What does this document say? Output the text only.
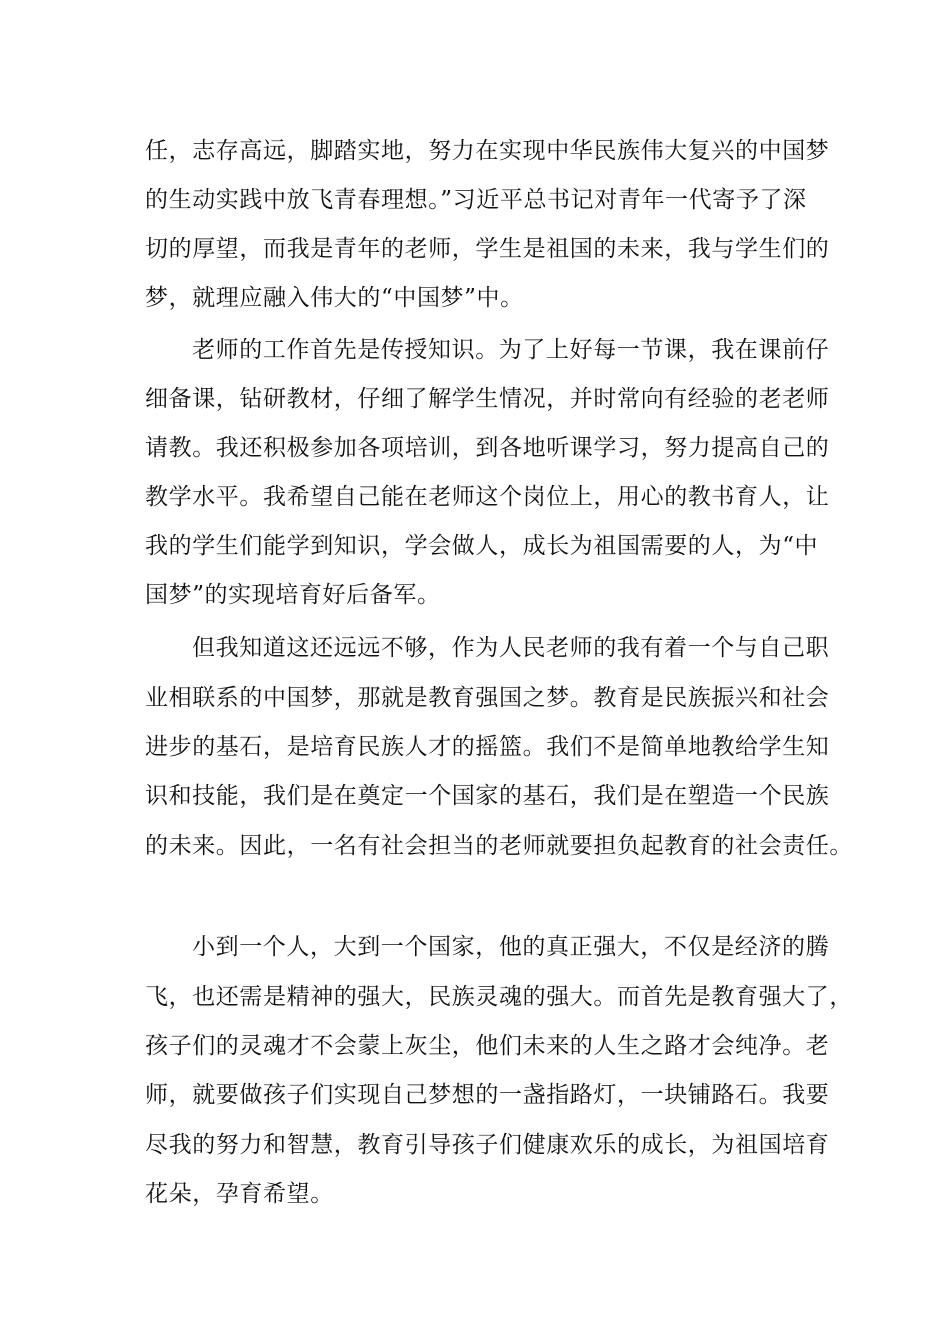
任，志存高远，脚踏实地，努力在实现中华民族伟大复兴的中国梦
的生动实践中放飞青春理想。”习近平总书记对青年一代寄予了深
切的厚望，而我是青年的老师，学生是祖国的未来，我与学生们的
梦，就理应融入伟大的“中国梦”中。
老师的工作首先是传授知识。为了上好每一节课，我在课前仔
细备课，钻研教材，仔细了解学生情况，并时常向有经验的老老师
请教。我还积极参加各项培训，到各地听课学习，努力提高自己的
教学水平。我希望自己能在老师这个岗位上，用心的教书育人，让
我的学生们能学到知识，学会做人，成长为祖国需要的人，为“中
国梦”的实现培育好后备军。
但我知道这还远远不够，作为人民老师的我有着一个与自己职
业相联系的中国梦，那就是教育强国之梦。教育是民族振兴和社会
进步的基石，是培育民族人才的摇篮。我们不是简单地教给学生知
识和技能，我们是在奠定一个国家的基石，我们是在塑造一个民族
的未来。因此，一名有社会担当的老师就要担负起教育的社会责任。
小到一个人，大到一个国家，他的真正强大，不仅是经济的腾
飞，也还需是精神的强大，民族灵魂的强大。而首先是教育强大了，
孩子们的灵魂才不会蒙上灰尘，他们未来的人生之路才会纯净。老
师，就要做孩子们实现自己梦想的一盏指路灯，一块铺路石。我要
尽我的努力和智慧，教育引导孩子们健康欢乐的成长，为祖国培育
花朵，孕育希望。
